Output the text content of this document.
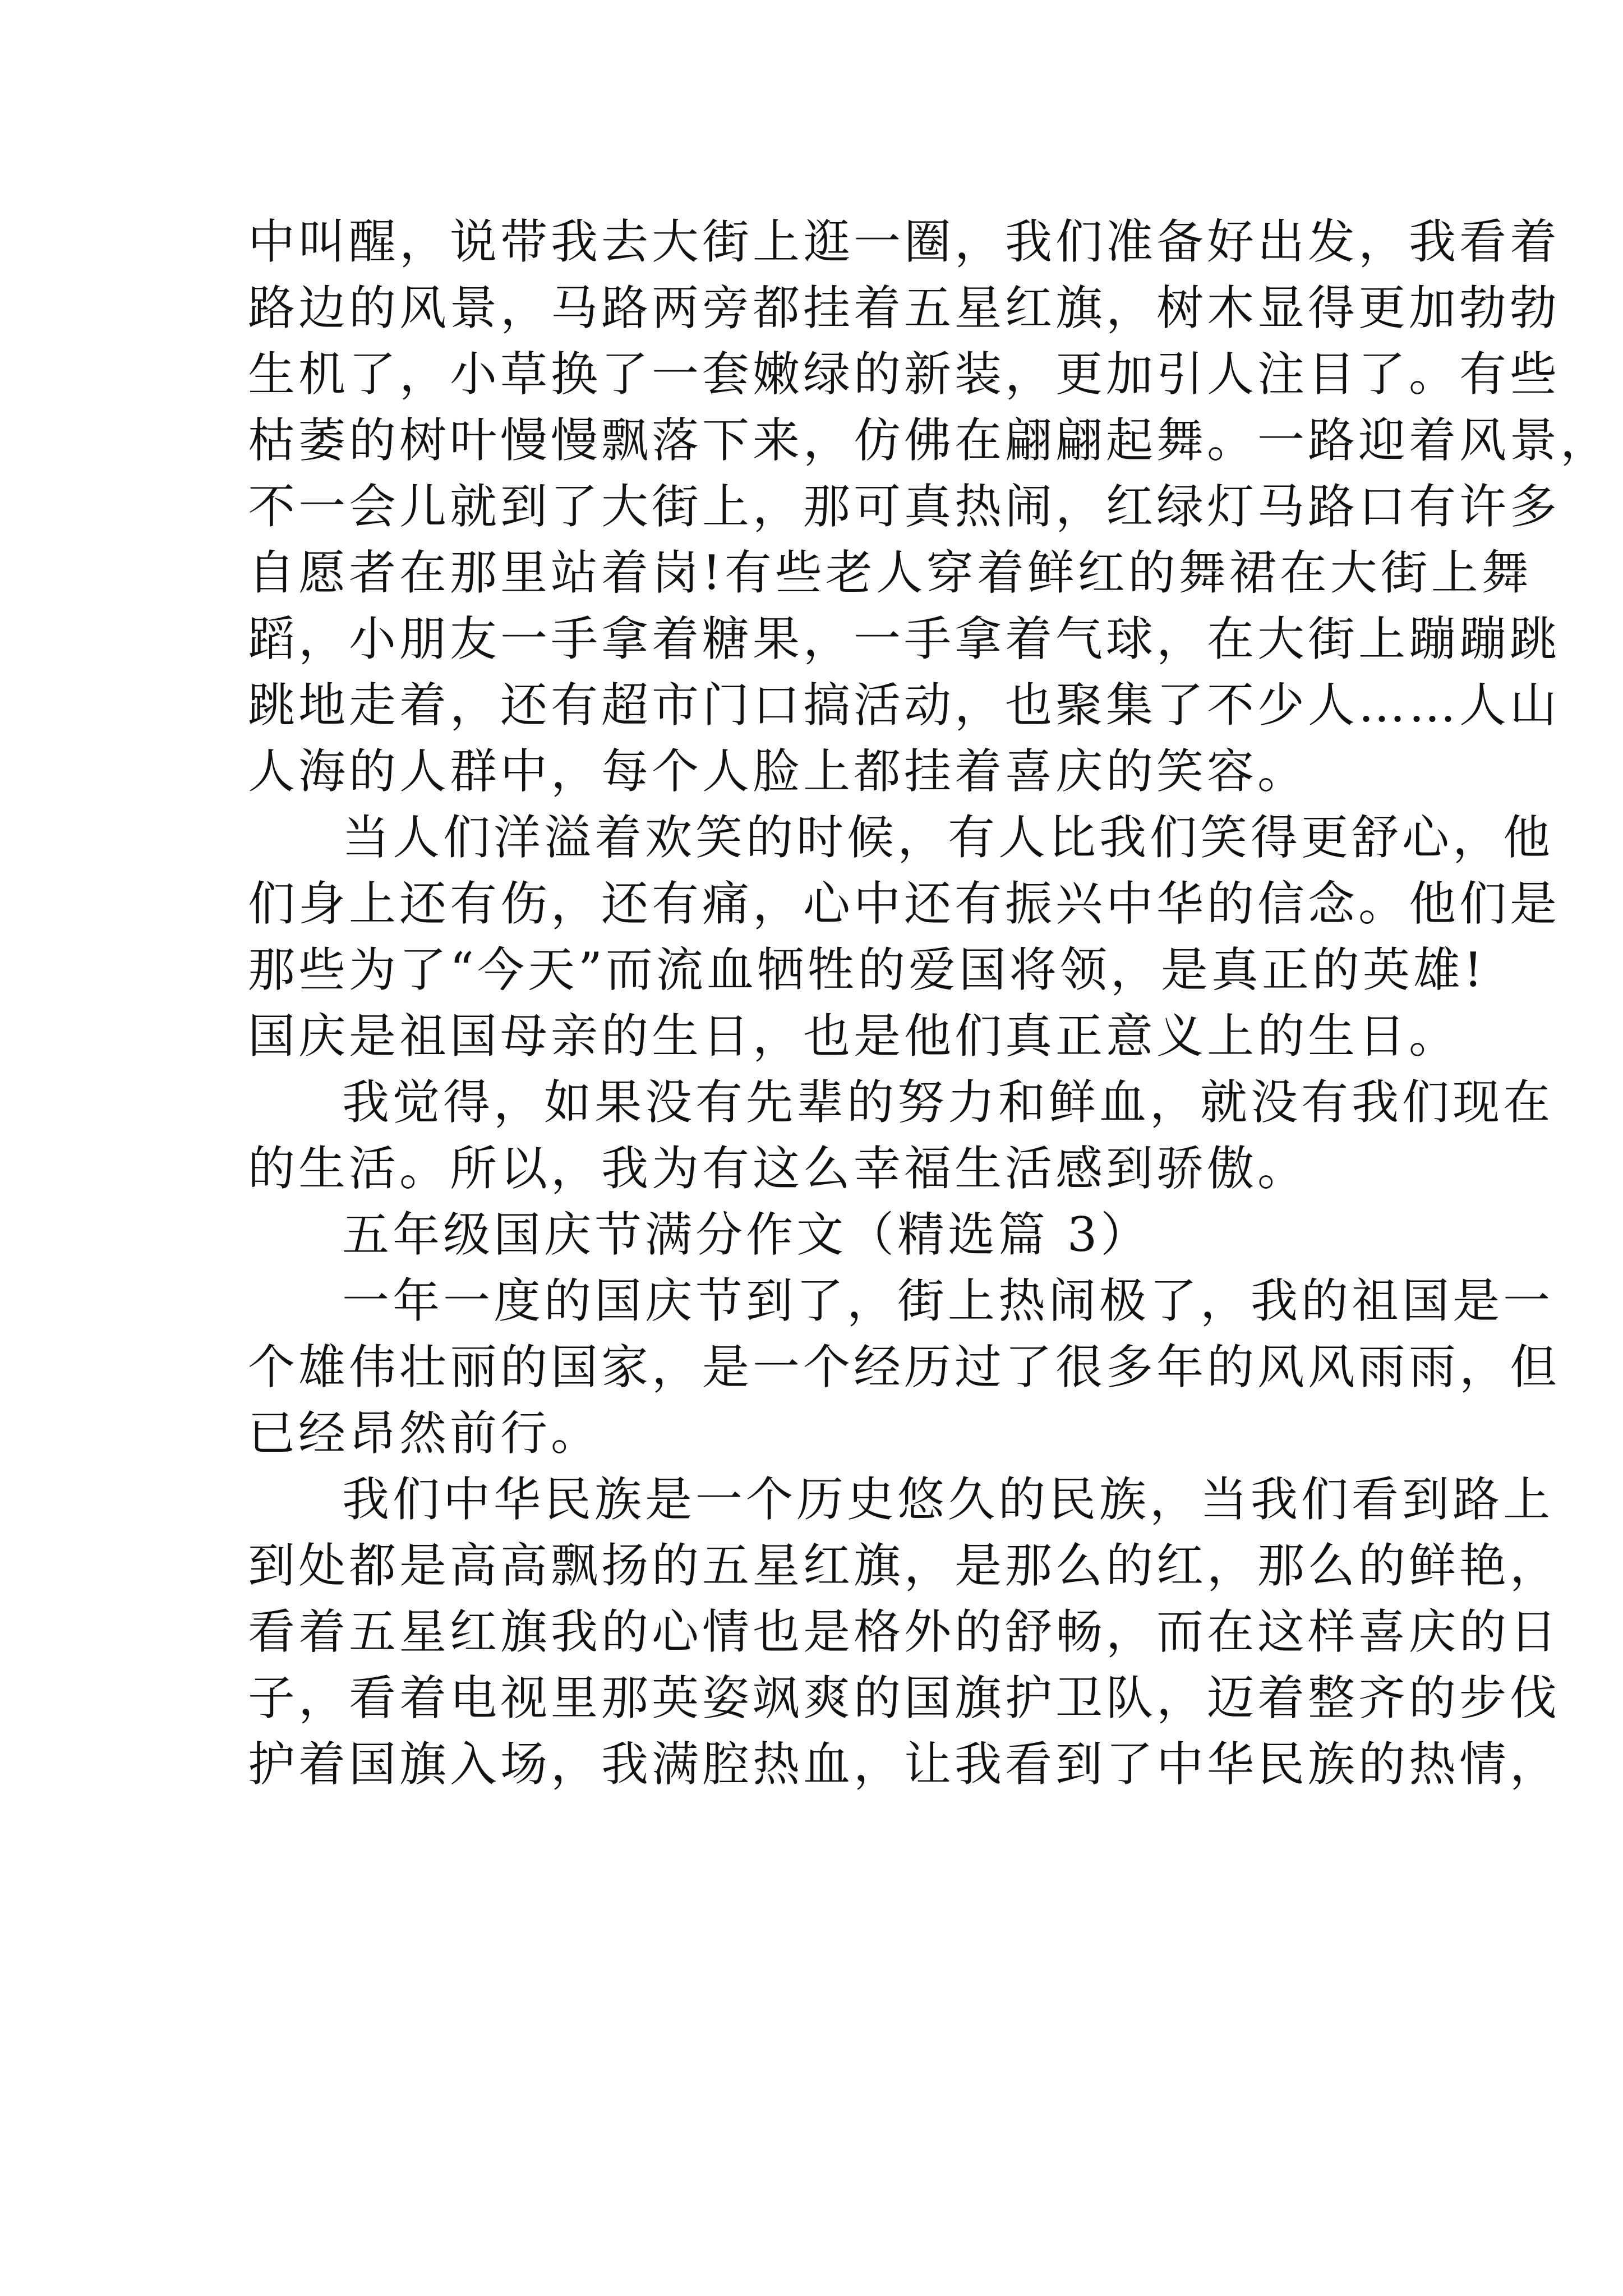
中叫醒，说带我去大街上逛一圈，我们准备好出发，我看着
路边的风景，马路两旁都挂着五星红旗，树木显得更加勃勃
生机了，小草换了一套嫩绿的新装，更加引人注目了。有些
枯萎的树叶慢慢飘落下来，仿佛在翩翩起舞。一路迎着风景，
不一会儿就到了大街上，那可真热闹，红绿灯马路口有许多
自愿者在那里站着岗!有些老人穿着鲜红的舞裙在大街上舞
蹈，小朋友一手拿着糖果，一手拿着气球，在大街上蹦蹦跳
跳地走着，还有超市门口搞活动，也聚集了不少人……人山
人海的人群中，每个人脸上都挂着喜庆的笑容。
当人们洋溢着欢笑的时候，有人比我们笑得更舒心，他
们身上还有伤，还有痛，心中还有振兴中华的信念。他们是
那些为了“今天”而流血牺牲的爱国将领，是真正的英雄!
国庆是祖国母亲的生日，也是他们真正意义上的生日。
我觉得，如果没有先辈的努力和鲜血，就没有我们现在
的生活。所以，我为有这么幸福生活感到骄傲。
五年级国庆节满分作文（精选篇 3）
一年一度的国庆节到了，街上热闹极了，我的祖国是一
个雄伟壮丽的国家，是一个经历过了很多年的风风雨雨，但
已经昂然前行。
我们中华民族是一个历史悠久的民族，当我们看到路上
到处都是高高飘扬的五星红旗，是那么的红，那么的鲜艳，
看着五星红旗我的心情也是格外的舒畅，而在这样喜庆的日
子，看着电视里那英姿飒爽的国旗护卫队，迈着整齐的步伐
护着国旗入场，我满腔热血，让我看到了中华民族的热情，
